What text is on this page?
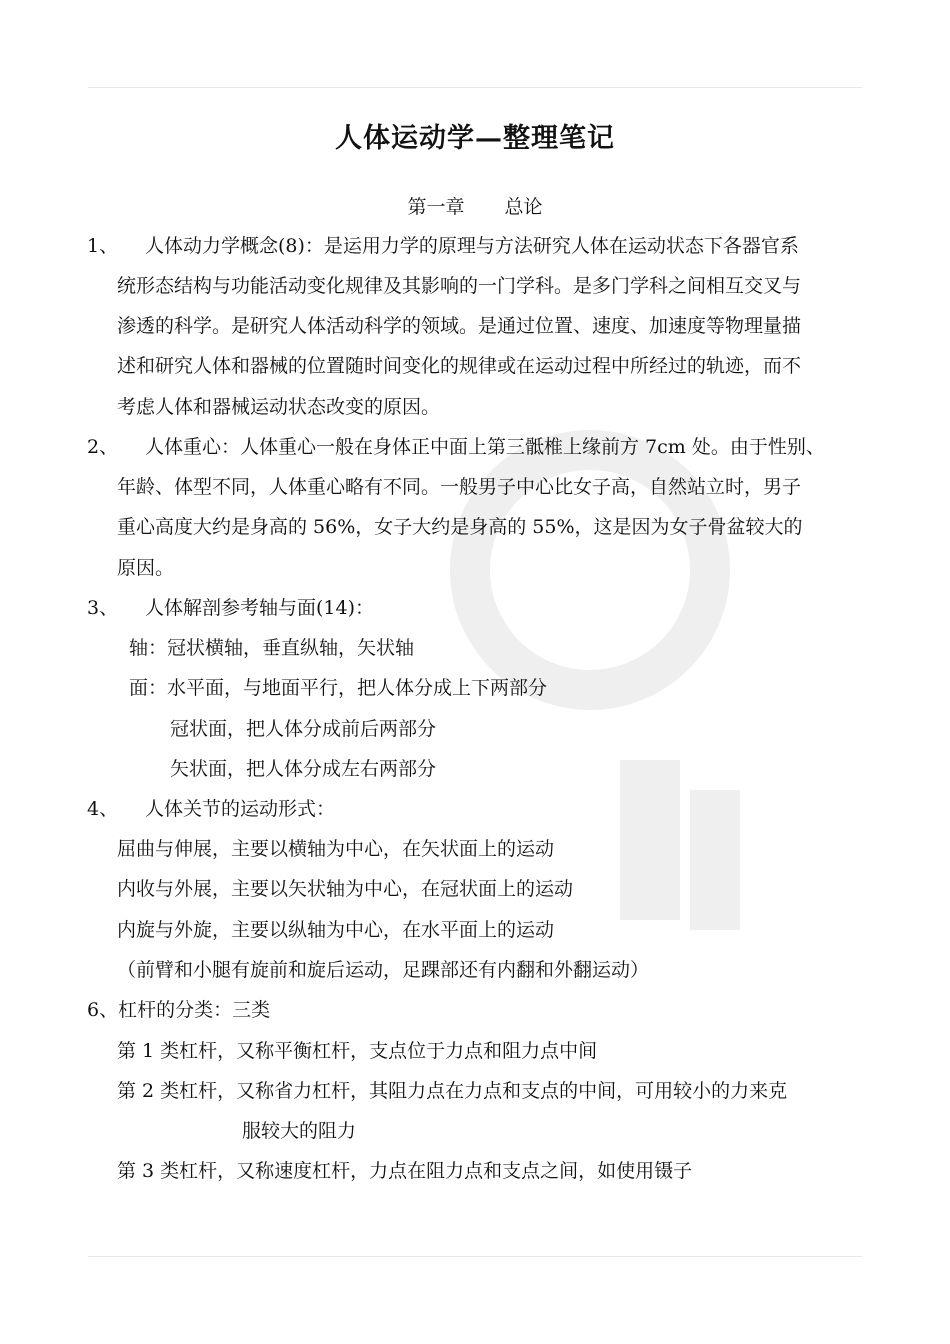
人体运动学—整理笔记
第一章 总论
1、 人体动力学概念(8)：是运用力学的原理与方法研究人体在运动状态下各器官系
统形态结构与功能活动变化规律及其影响的一门学科。是多门学科之间相互交叉与
渗透的科学。是研究人体活动科学的领域。是通过位置、速度、加速度等物理量描
述和研究人体和器械的位置随时间变化的规律或在运动过程中所经过的轨迹，而不
考虑人体和器械运动状态改变的原因。
2、 人体重心：人体重心一般在身体正中面上第三骶椎上缘前方 7cm 处。由于性别、
年龄、体型不同，人体重心略有不同。一般男子中心比女子高，自然站立时，男子
重心高度大约是身高的 56%，女子大约是身高的 55%，这是因为女子骨盆较大的
原因。
3、 人体解剖参考轴与面(14)：
轴：冠状横轴，垂直纵轴，矢状轴
面：水平面，与地面平行，把人体分成上下两部分
冠状面，把人体分成前后两部分
矢状面，把人体分成左右两部分
4、 人体关节的运动形式：
屈曲与伸展，主要以横轴为中心，在矢状面上的运动
内收与外展，主要以矢状轴为中心，在冠状面上的运动
内旋与外旋，主要以纵轴为中心，在水平面上的运动
（前臂和小腿有旋前和旋后运动，足踝部还有内翻和外翻运动）
6、杠杆的分类：三类
第 1 类杠杆，又称平衡杠杆，支点位于力点和阻力点中间
第 2 类杠杆，又称省力杠杆，其阻力点在力点和支点的中间，可用较小的力来克
服较大的阻力
第 3 类杠杆，又称速度杠杆，力点在阻力点和支点之间，如使用镊子
